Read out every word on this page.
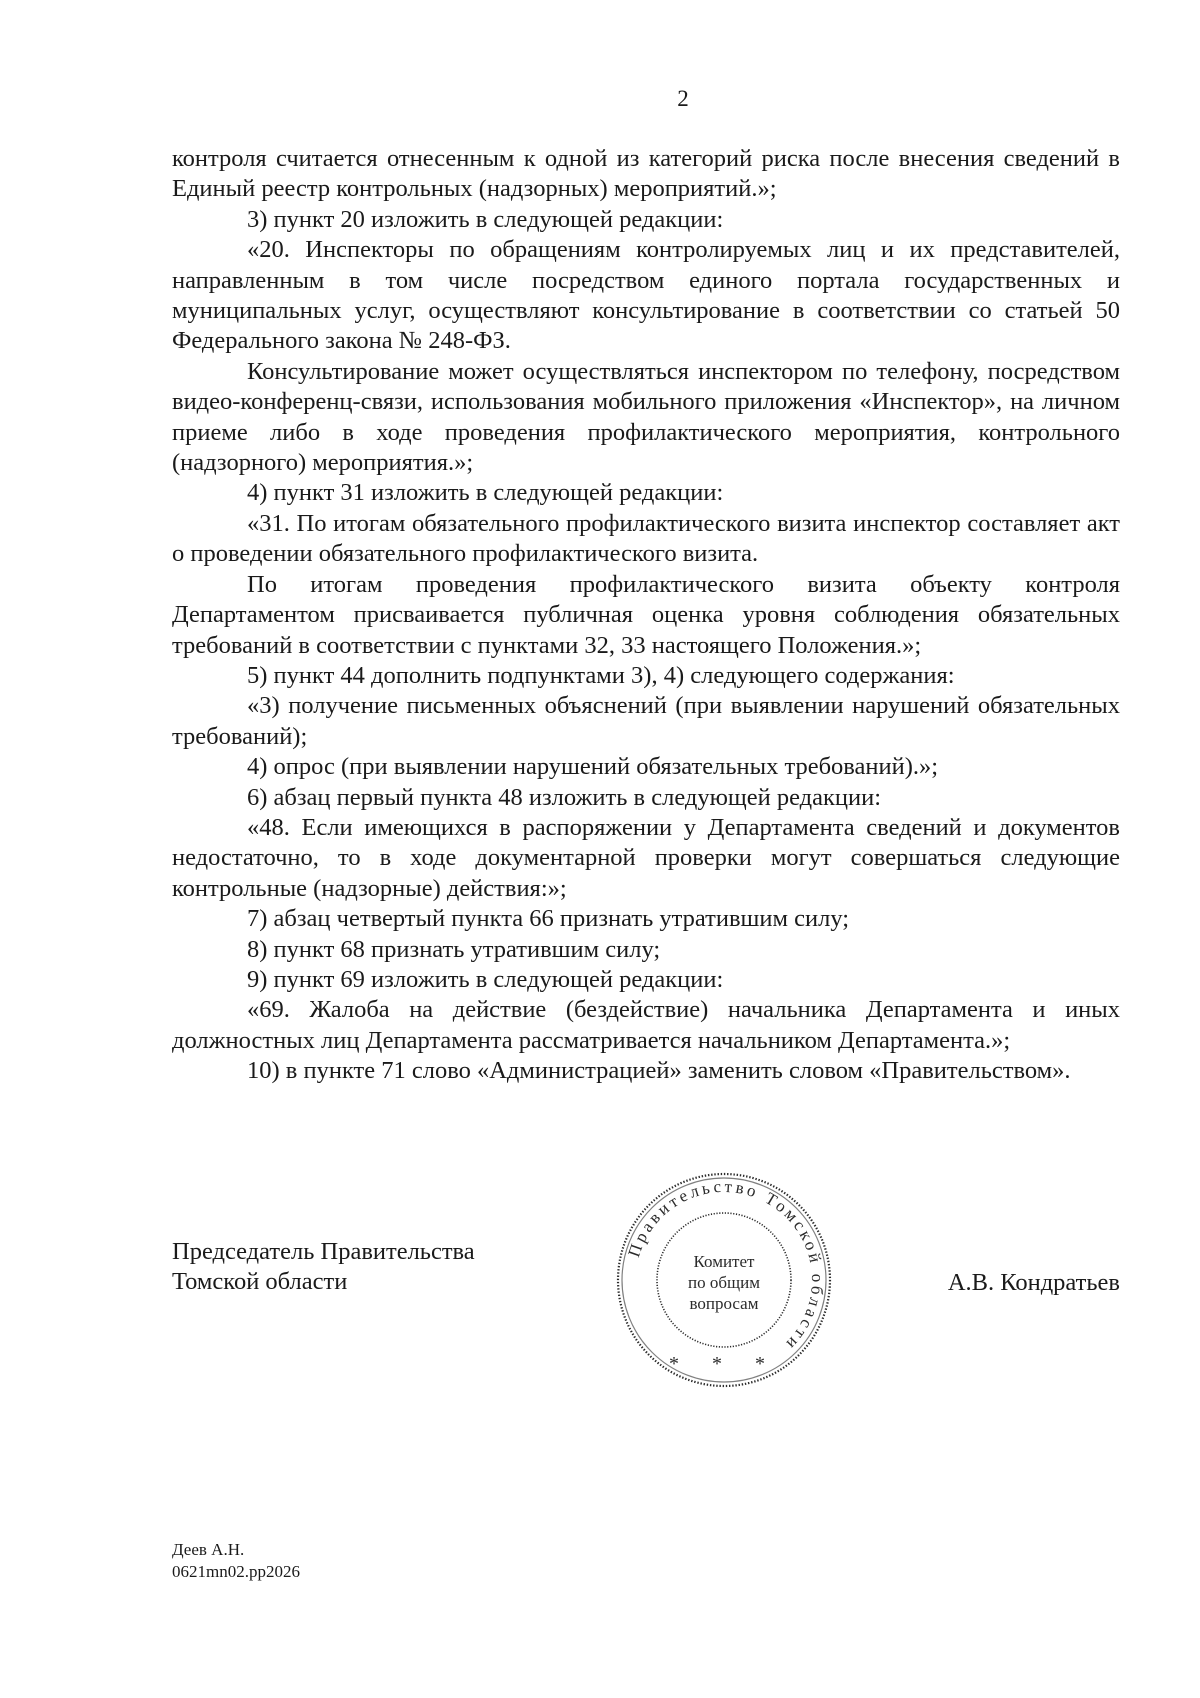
2

контроля считается отнесенным к одной из категорий риска после внесения сведений в Единый реестр контрольных (надзорных) мероприятий.»;

3) пункт 20 изложить в следующей редакции:

«20. Инспекторы по обращениям контролируемых лиц и их представителей, направленным в том числе посредством единого портала государственных и муниципальных услуг, осуществляют консультирование в соответствии со статьей 50 Федерального закона № 248-ФЗ.

Консультирование может осуществляться инспектором по телефону, посредством видео-конференц-связи, использования мобильного приложения «Инспектор», на личном приеме либо в ходе проведения профилактического мероприятия, контрольного (надзорного) мероприятия.»;

4) пункт 31 изложить в следующей редакции:

«31. По итогам обязательного профилактического визита инспектор составляет акт о проведении обязательного профилактического визита.

По итогам проведения профилактического визита объекту контроля Департаментом присваивается публичная оценка уровня соблюдения обязательных требований в соответствии с пунктами 32, 33 настоящего Положения.»;

5) пункт 44 дополнить подпунктами 3), 4) следующего содержания:

«3) получение письменных объяснений (при выявлении нарушений обязательных требований);

4) опрос (при выявлении нарушений обязательных требований).»;

6) абзац первый пункта 48 изложить в следующей редакции:

«48. Если имеющихся в распоряжении у Департамента сведений и документов недостаточно, то в ходе документарной проверки могут совершаться следующие контрольные (надзорные) действия:»;

7) абзац четвертый пункта 66 признать утратившим силу;

8) пункт 68 признать утратившим силу;

9) пункт 69 изложить в следующей редакции:

«69. Жалоба на действие (бездействие) начальника Департамента и иных должностных лиц Департамента рассматривается начальником Департамента.»;

10) в пункте 71 слово «Администрацией» заменить словом «Правительством».

Председатель Правительства
Томской области	А.В. Кондратьев
Правительство Томской области
Комитет
по общим
вопросам
* * *
Деев А.Н.
0621mn02.pp2026
